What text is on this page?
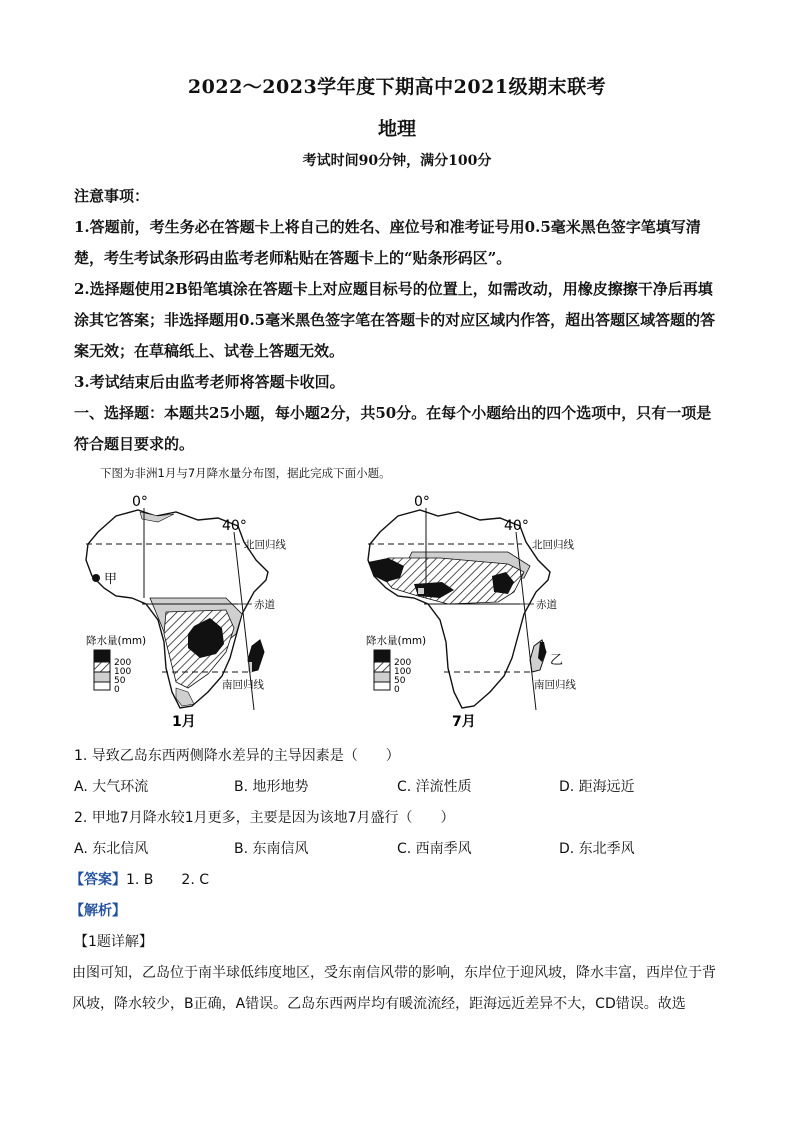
2022～2023学年度下期高中2021级期末联考
地理
考试时间90分钟，满分100分
注意事项：
1.答题前，考生务必在答题卡上将自己的姓名、座位号和准考证号用0.5毫米黑色签字笔填写清楚，考生考试条形码由监考老师粘贴在答题卡上的“贴条形码区”。
2.选择题使用2B铅笔填涂在答题卡上对应题目标号的位置上，如需改动，用橡皮擦擦干净后再填涂其它答案；非选择题用0.5毫米黑色签字笔在答题卡的对应区域内作答，超出答题区域答题的答案无效；在草稿纸上、试卷上答题无效。
3.考试结束后由监考老师将答题卡收回。
一、选择题：本题共25小题，每小题2分，共50分。在每个小题给出的四个选项中，只有一项是符合题目要求的。
下图为非洲1月与7月降水量分布图，据此完成下面小题。
0°
40°
北回归线
赤道
南回归线
甲
1月
降水量(mm)
200
100
50
0
0°
40°
北回归线
赤道
南回归线
乙
7月
降水量(mm)
200
100
50
0
1. 导致乙岛东西两侧降水差异的主导因素是（　　）
A. 大气环流	B. 地形地势	C. 洋流性质	D. 距海远近
2. 甲地7月降水较1月更多，主要是因为该地7月盛行（　　）
A. 东北信风	B. 东南信风	C. 西南季风	D. 东北季风
【答案】1. B　　2. C
【解析】
【1题详解】
由图可知，乙岛位于南半球低纬度地区，受东南信风带的影响，东岸位于迎风坡，降水丰富，西岸位于背风坡，降水较少，B正确，A错误。乙岛东西两岸均有暖流流经，距海远近差异不大，CD错误。故选
